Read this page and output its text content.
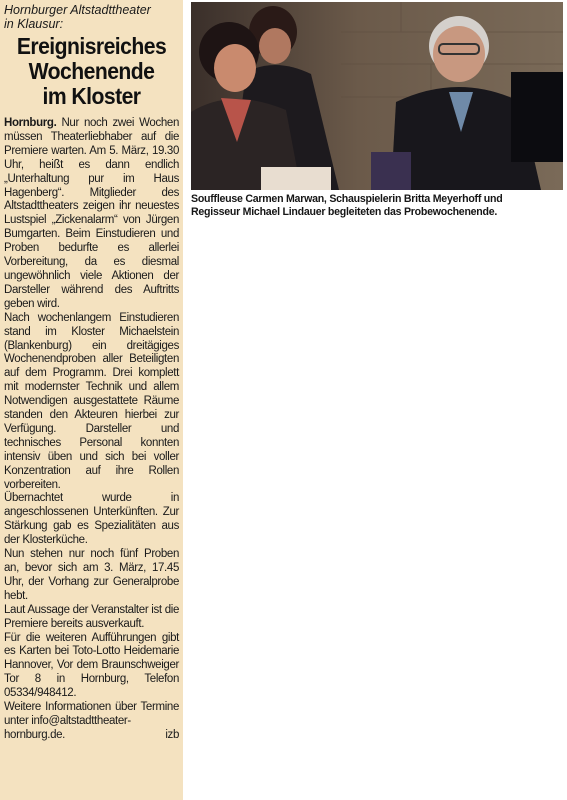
Hornburger Altstadttheater
in Klausur:
Ereignisreiches
Wochenende
im Kloster

Hornburg. Nur noch zwei Wochen müssen Theaterliebhaber auf die Premiere warten. Am 5. März, 19.30 Uhr, heißt es dann endlich „Unterhaltung pur im Haus Hagenberg“. Mitglieder des Altstadttheaters zeigen ihr neuestes Lustspiel „Zickenalarm“ von Jürgen Bumgarten. Beim Einstudieren und Proben bedurfte es allerlei Vorbereitung, da es diesmal ungewöhnlich viele Aktionen der Darsteller während des Auftritts geben wird.

Nach wochenlangem Einstudieren stand im Kloster Michaelstein (Blankenburg) ein dreitägiges Wochenendproben aller Beteiligten auf dem Programm. Drei komplett mit modernster Technik und allem Notwendigen ausgestattete Räume standen den Akteuren hierbei zur Verfügung. Darsteller und technisches Personal konnten intensiv üben und sich bei voller Konzentration auf ihre Rollen vorbereiten.

Übernachtet wurde in angeschlossenen Unterkünften. Zur Stärkung gab es Spezialitäten aus der Klosterküche.

Nun stehen nur noch fünf Proben an, bevor sich am 3. März, 17.45 Uhr, der Vorhang zur Generalprobe hebt.

Laut Aussage der Veranstalter ist die Premiere bereits ausverkauft.

Für die weiteren Aufführungen gibt es Karten bei Toto-Lotto Heidemarie Hannover, Vor dem Braunschweiger Tor 8 in Hornburg, Telefon 05334/948412.

Weitere Informationen über Termine unter info@altstadttheater-

hornburg.de.	izb

Souffleuse Carmen Marwan, Schauspielerin Britta Meyerhoff und
Regisseur Michael Lindauer begleiteten das Probewochenende.
